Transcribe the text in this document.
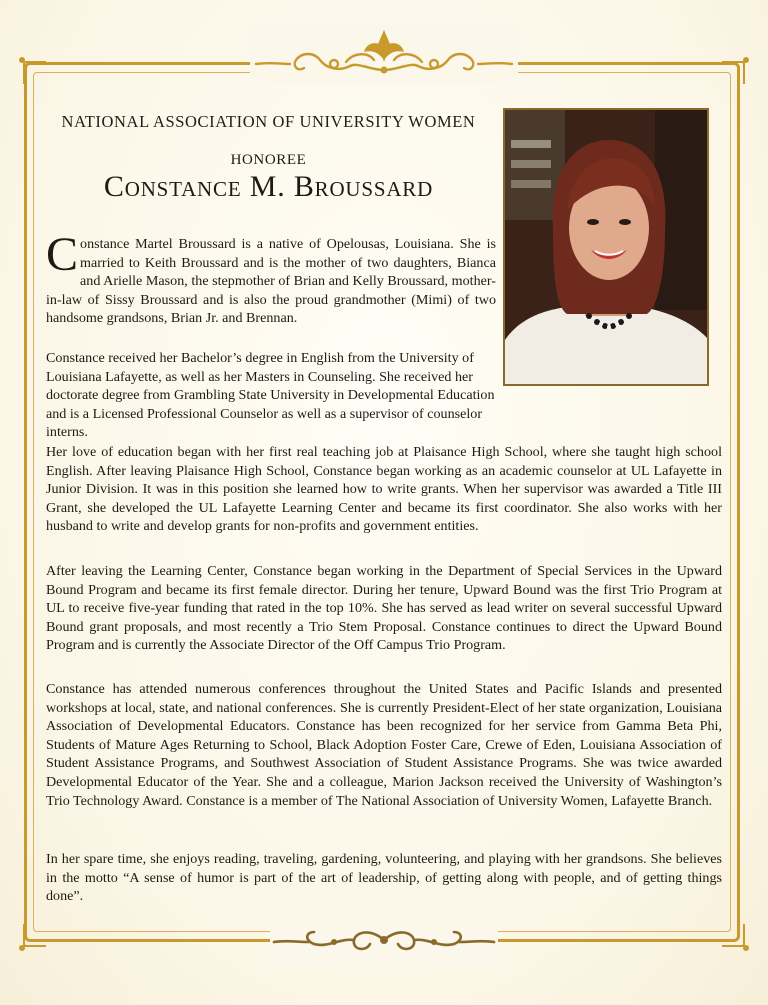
NATIONAL ASSOCIATION OF UNIVERSITY WOMEN
HONOREE
Constance M. Broussard

Constance Martel Broussard is a native of Opelousas, Louisiana. She is married to Keith Broussard and is the mother of two daughters, Bianca and Arielle Mason, the stepmother of Brian and Kelly Broussard, mother-in-law of Sissy Broussard and is also the proud grandmother (Mimi) of two handsome grandsons, Brian Jr. and Brennan.

Constance received her Bachelor’s degree in English from the University of Louisiana Lafayette, as well as her Masters in Counseling. She received her doctorate degree from Grambling State University in Developmental Education and is a Licensed Professional Counselor as well as a supervisor of counselor interns.

Her love of education began with her first real teaching job at Plaisance High School, where she taught high school English. After leaving Plaisance High School, Constance began working as an academic counselor at UL Lafayette in Junior Division. It was in this position she learned how to write grants. When her supervisor was awarded a Title III Grant, she developed the UL Lafayette Learning Center and became its first coordinator. She also works with her husband to write and develop grants for non-profits and government entities.

After leaving the Learning Center, Constance began working in the Department of Special Services in the Upward Bound Program and became its first female director. During her tenure, Upward Bound was the first Trio Program at UL to receive five-year funding that rated in the top 10%. She has served as lead writer on several successful Upward Bound grant proposals, and most recently a Trio Stem Proposal. Constance continues to direct the Upward Bound Program and is currently the Associate Director of the Off Campus Trio Program.

Constance has attended numerous conferences throughout the United States and Pacific Islands and presented workshops at local, state, and national conferences. She is currently President-Elect of her state organization, Louisiana Association of Developmental Educators. Constance has been recognized for her service from Gamma Beta Phi, Students of Mature Ages Returning to School, Black Adoption Foster Care, Crewe of Eden, Louisiana Association of Student Assistance Programs, and Southwest Association of Student Assistance Programs. She was twice awarded Developmental Educator of the Year. She and a colleague, Marion Jackson received the University of Washington’s Trio Technology Award. Constance is a member of The National Association of University Women, Lafayette Branch.

In her spare time, she enjoys reading, traveling, gardening, volunteering, and playing with her grandsons. She believes in the motto “A sense of humor is part of the art of leadership, of getting along with people, and of getting things done”.
